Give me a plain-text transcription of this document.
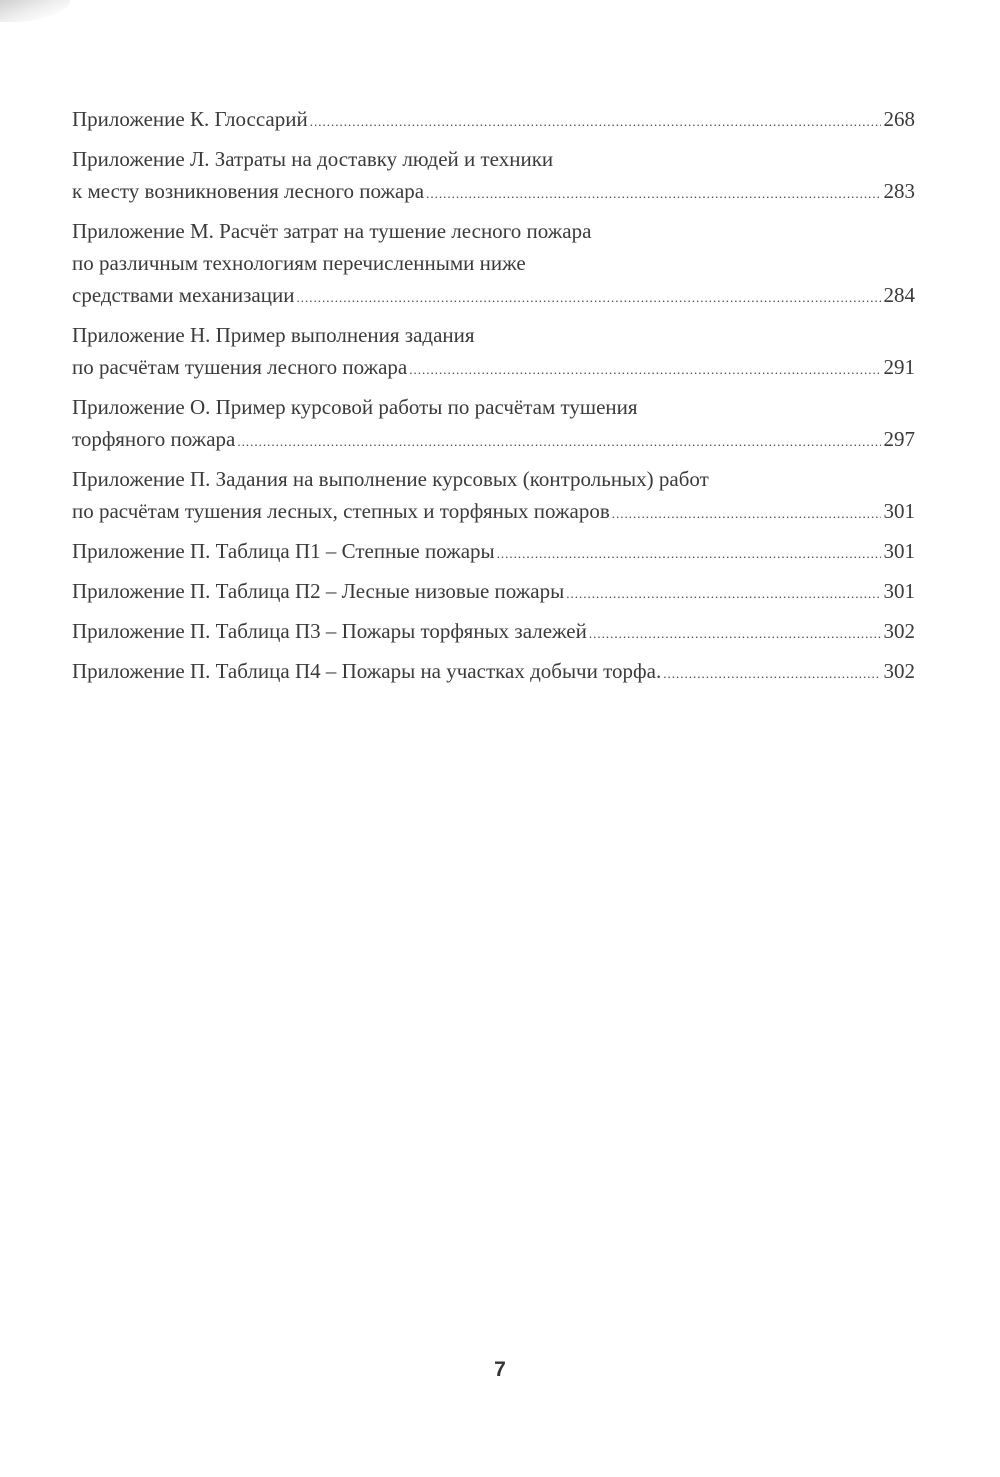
Приложение К. Глоссарий .....	268
Приложение Л. Затраты на доставку людей и техники
к месту возникновения лесного пожара .....	283
Приложение М. Расчёт затрат на тушение лесного пожара
по различным технологиям перечисленными ниже
средствами механизации .....	284
Приложение Н. Пример выполнения задания
по расчётам тушения лесного пожара .....	291
Приложение О. Пример курсовой работы по расчётам тушения
торфяного пожара .....	297
Приложение П. Задания на выполнение курсовых (контрольных) работ
по расчётам тушения лесных, степных и торфяных пожаров .....	301
Приложение П. Таблица П1 – Степные пожары .....	301
Приложение П. Таблица П2 – Лесные низовые пожары .....	301
Приложение П. Таблица П3 – Пожары торфяных залежей .....	302
Приложение П. Таблица П4 – Пожары на участках добычи торфа. .....	302
7
